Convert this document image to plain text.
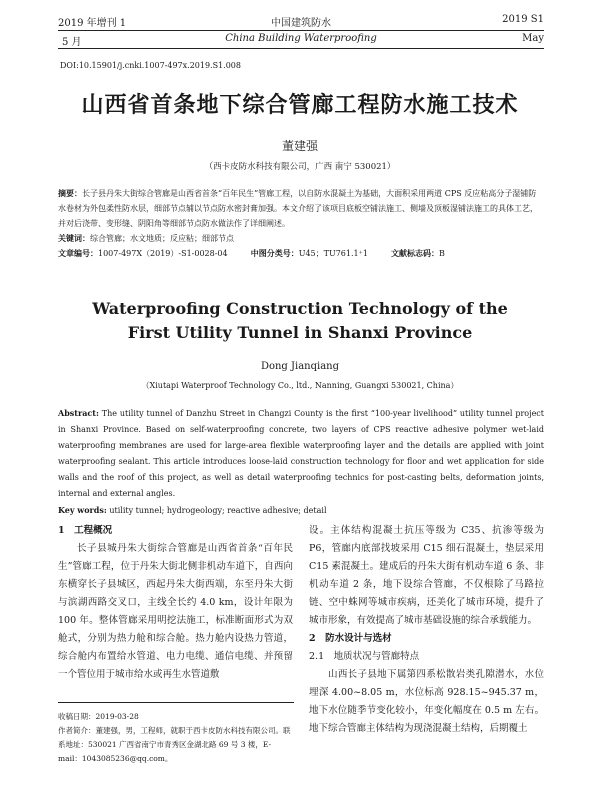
2019 年增刊 1	中国建筑防水	2019 S1
5 月	China Building Waterproofing	May
DOI:10.15901/j.cnki.1007-497x.2019.S1.008
山西省首条地下综合管廊工程防水施工技术
董建强
（西卡皮防水科技有限公司，广西 南宁 530021）
摘要：长子县丹朱大街综合管廊是山西省首条“百年民生”管廊工程，以自防水混凝土为基础，大面积采用两道 CPS 反应粘高分子湿铺防水卷材为外包柔性防水层，细部节点辅以节点防水密封膏加强。本文介绍了该项目底板空铺法施工、侧墙及顶板湿铺法施工的具体工艺，并对后浇带、变形缝、阴阳角等细部节点防水做法作了详细阐述。
关键词：综合管廊；水文地质；反应粘；细部节点
文章编号：1007-497X（2019）-S1-0028-04	中图分类号：U45；TU761.1⁺1	文献标志码：B
Waterproofing Construction Technology of the
First Utility Tunnel in Shanxi Province
Dong Jianqiang
（Xiutapi Waterproof Technology Co., ltd., Nanning, Guangxi 530021, China）
Abstract: The utility tunnel of Danzhu Street in Changzi County is the first “100-year livelihood” utility tunnel project in Shanxi Province. Based on self-waterproofing concrete, two layers of CPS reactive adhesive polymer wet-laid waterproofing membranes are used for large-area flexible waterproofing layer and the details are applied with joint waterproofing sealant. This article introduces loose-laid construction technology for floor and wet application for side walls and the roof of this project, as well as detail waterproofing technics for post-casting belts, deformation joints, internal and external angles.
Key words: utility tunnel; hydrogeology; reactive adhesive; detail

1　工程概况

长子县城丹朱大街综合管廊是山西省首条“百年民生”管廊工程，位于丹朱大街北侧非机动车道下，自西向东横穿长子县城区，西起丹朱大街西端，东至丹朱大街与滨湖西路交叉口，主线全长约 4.0 km，设计年限为 100 年。整体管廊采用明挖法施工，标准断面形式为双舱式，分别为热力舱和综合舱。热力舱内设热力管道，综合舱内布置给水管道、电力电缆、通信电缆、并预留一个管位用于城市给水或再生水管道敷

收稿日期：2019-03-28

作者简介：董建强，男，工程师，就职于西卡皮防水科技有限公司。联系地址：530021 广西省南宁市青秀区金湖北路 69 号 3 楼，E-mail：1043085236@qq.com。

设。主体结构混凝土抗压等级为 C35、抗渗等级为 P6，管廊内底部找坡采用 C15 细石混凝土，垫层采用 C15 素混凝土。建成后的丹朱大街有机动车道 6 条、非机动车道 2 条，地下设综合管廊，不仅根除了马路拉链、空中蛛网等城市疾病，还美化了城市环境，提升了城市形象，有效提高了城市基础设施的综合承载能力。

2　防水设计与选材

2.1　地质状况与管廊特点

山西长子县地下属第四系松散岩类孔隙潜水，水位埋深 4.00~8.05 m，水位标高 928.15~945.37 m，地下水位随季节变化较小，年变化幅度在 0.5 m 左右。地下综合管廊主体结构为现浇混凝土结构，后期覆土
